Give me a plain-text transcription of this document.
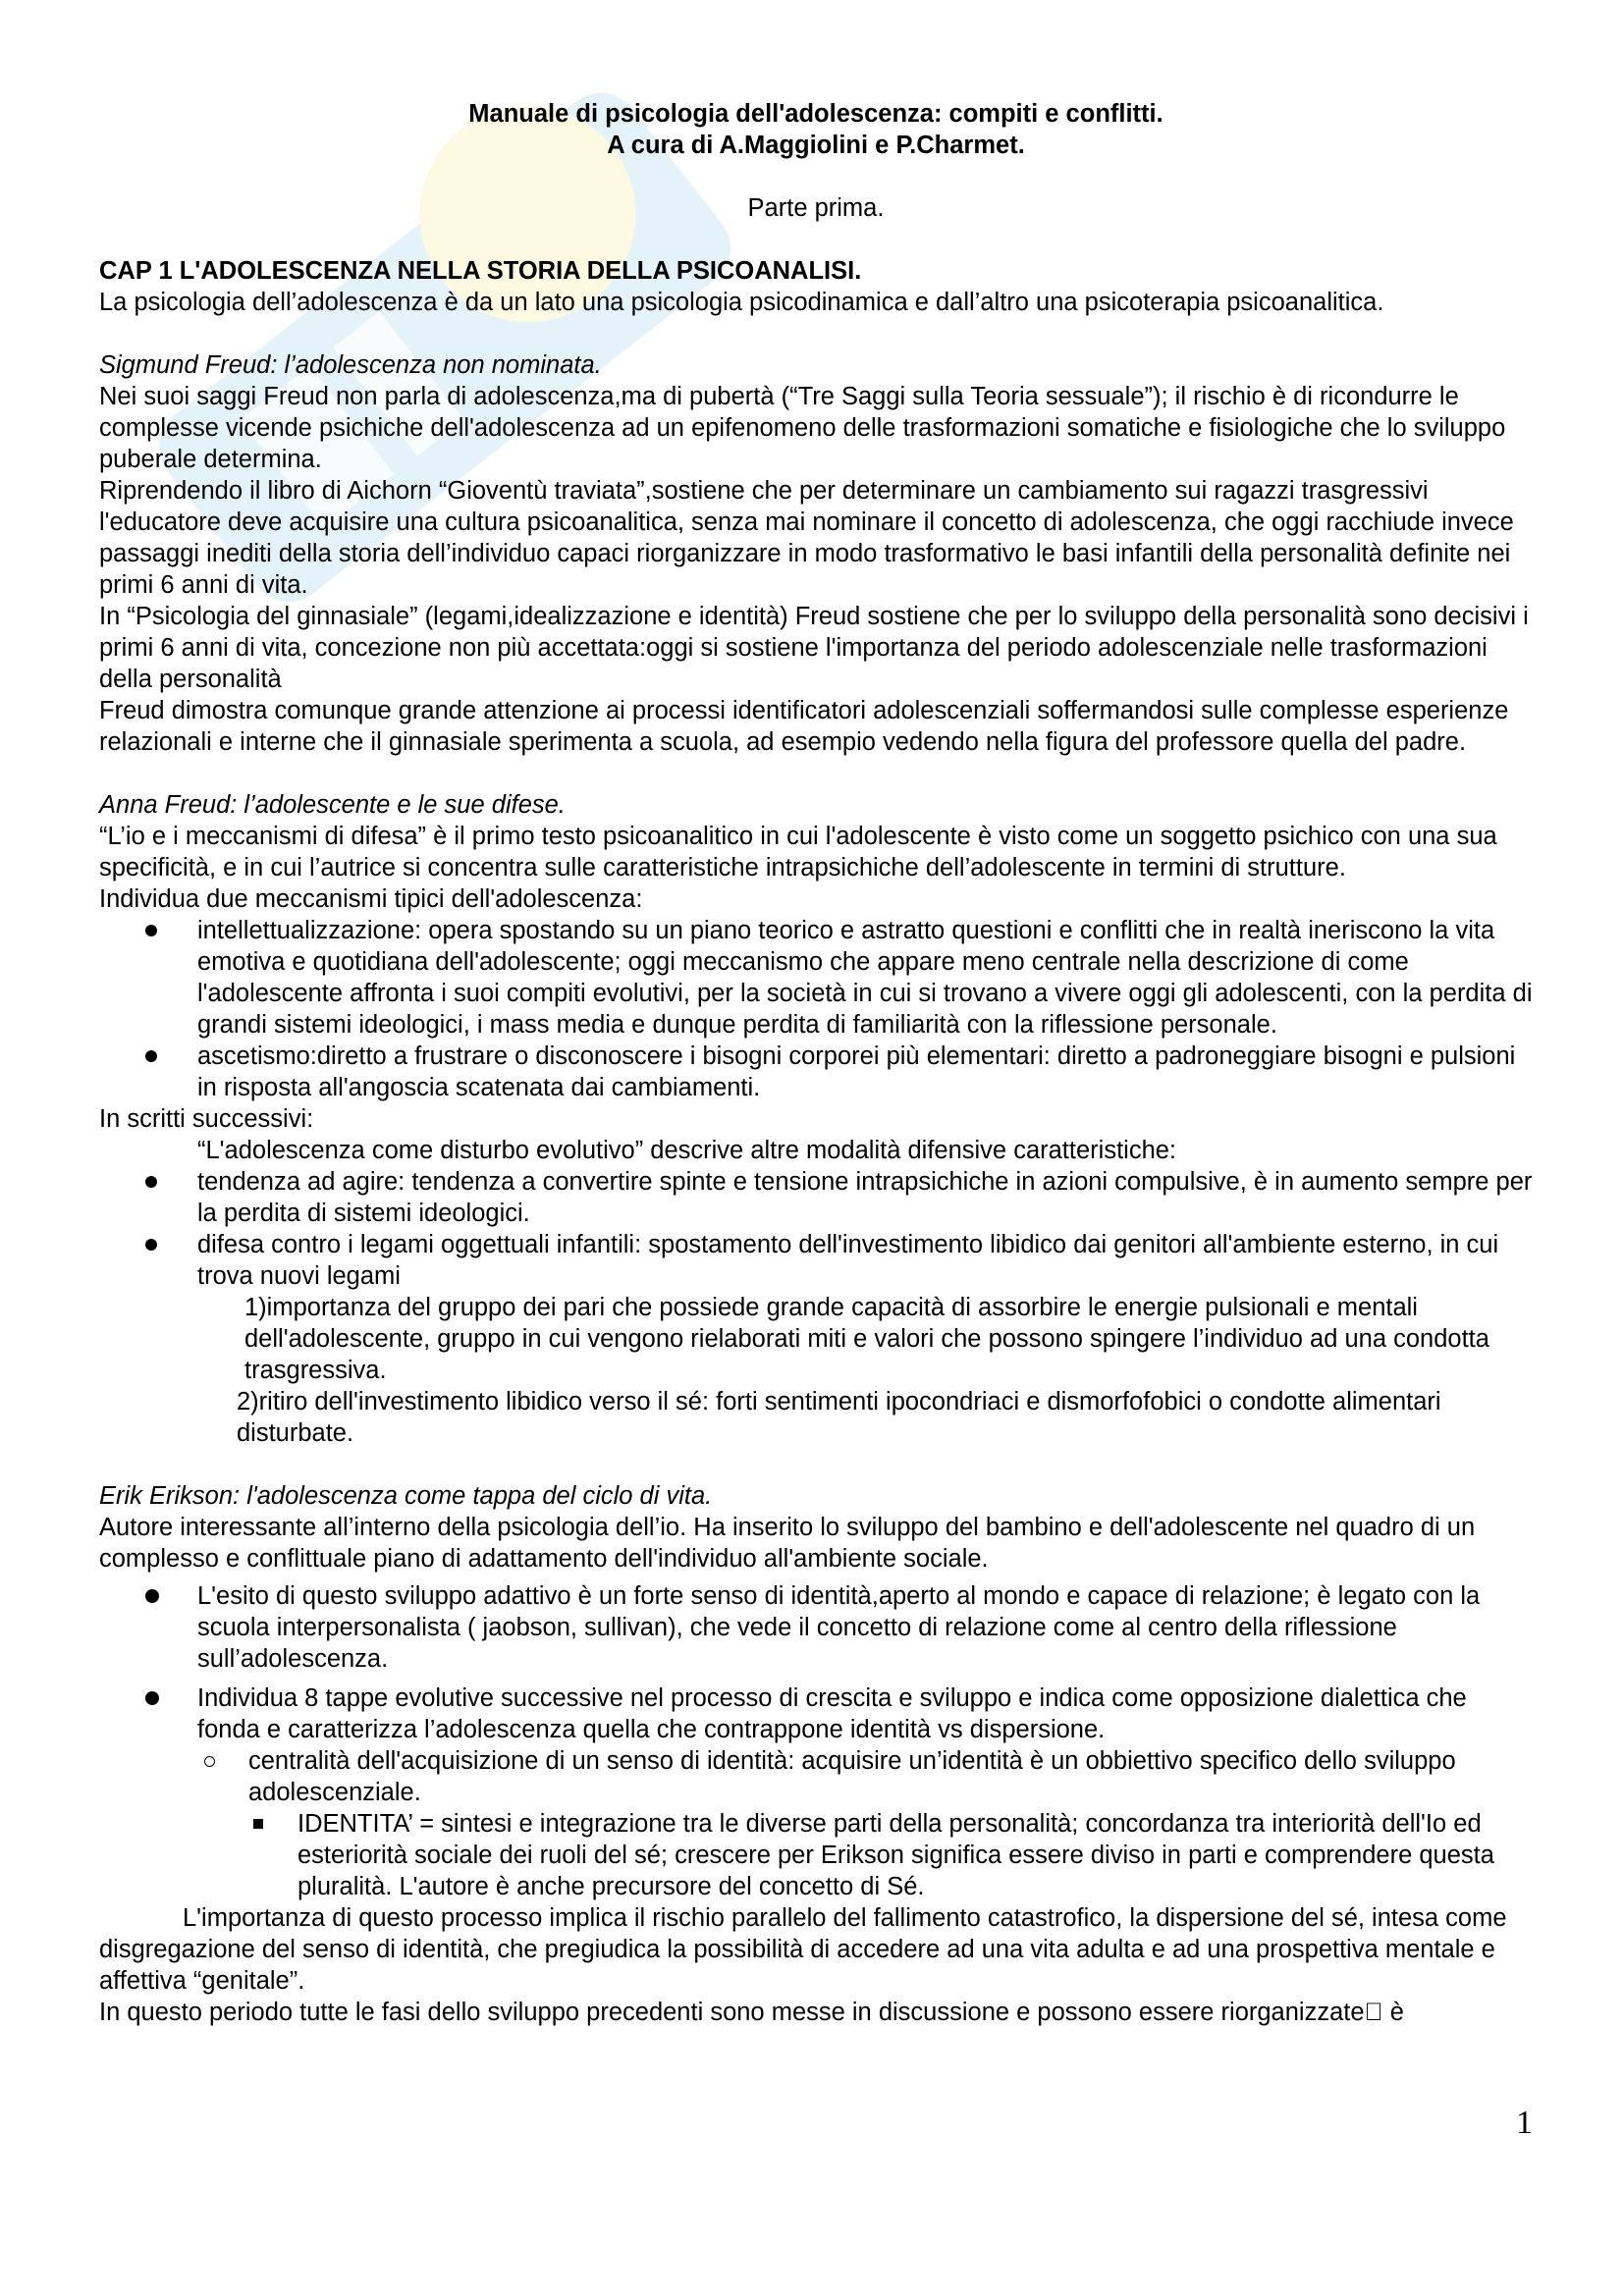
Manuale di psicologia dell'adolescenza: compiti e conflitti.

A cura di A.Maggiolini e P.Charmet.

Parte prima.

CAP 1 L'ADOLESCENZA NELLA STORIA DELLA PSICOANALISI.

La psicologia dell’adolescenza è da un lato una psicologia psicodinamica e dall’altro una psicoterapia psicoanalitica.

Sigmund Freud: l’adolescenza non nominata.

Nei suoi saggi Freud non parla di adolescenza,ma di pubertà (“Tre Saggi sulla Teoria sessuale”); il rischio è di ricondurre le complesse vicende psichiche dell'adolescenza ad un epifenomeno delle trasformazioni somatiche e fisiologiche che lo sviluppo puberale determina.

Riprendendo il libro di Aichorn “Gioventù traviata”,sostiene che per determinare un cambiamento sui ragazzi trasgressivi l'educatore deve acquisire una cultura psicoanalitica, senza mai nominare il concetto di adolescenza, che oggi racchiude invece passaggi inediti della storia dell’individuo capaci riorganizzare in modo trasformativo le basi infantili della personalità definite nei primi 6 anni di vita.

In “Psicologia del ginnasiale” (legami,idealizzazione e identità) Freud sostiene che per lo sviluppo della personalità sono decisivi i primi 6 anni di vita, concezione non più accettata:oggi si sostiene l'importanza del periodo adolescenziale nelle trasformazioni della personalità

Freud dimostra comunque grande attenzione ai processi identificatori adolescenziali soffermandosi sulle complesse esperienze relazionali e interne che il ginnasiale sperimenta a scuola, ad esempio vedendo nella figura del professore quella del padre.

Anna Freud: l’adolescente e le sue difese.

“L’io e i meccanismi di difesa” è il primo testo psicoanalitico in cui l'adolescente è visto come un soggetto psichico con una sua specificità, e in cui l’autrice si concentra sulle caratteristiche intrapsichiche dell’adolescente in termini di strutture.

Individua due meccanismi tipici dell'adolescenza:

intellettualizzazione: opera spostando su un piano teorico e astratto questioni e conflitti che in realtà ineriscono la vita emotiva e quotidiana dell'adolescente; oggi meccanismo che appare meno centrale nella descrizione di come l'adolescente affronta i suoi compiti evolutivi, per la società in cui si trovano a vivere oggi gli adolescenti, con la perdita di grandi sistemi ideologici, i mass media e dunque perdita di familiarità con la riflessione personale.
ascetismo:diretto a frustrare o disconoscere i bisogni corporei più elementari: diretto a padroneggiare bisogni e pulsioni in risposta all'angoscia scatenata dai cambiamenti.

In scritti successivi:

“L'adolescenza come disturbo evolutivo” descrive altre modalità difensive caratteristiche:

tendenza ad agire: tendenza a convertire spinte e tensione intrapsichiche in azioni compulsive, è in aumento sempre per la perdita di sistemi ideologici.
difesa contro i legami oggettuali infantili: spostamento dell'investimento libidico dai genitori all'ambiente esterno, in cui trova nuovi legami

1)importanza del gruppo dei pari che possiede grande capacità di assorbire le energie pulsionali e mentali dell'adolescente, gruppo in cui vengono rielaborati miti e valori che possono spingere l’individuo ad una condotta trasgressiva.

2)ritiro dell'investimento libidico verso il sé: forti sentimenti ipocondriaci e dismorfofobici o condotte alimentari disturbate.

Erik Erikson: l'adolescenza come tappa del ciclo di vita.

Autore interessante all’interno della psicologia dell’io. Ha inserito lo sviluppo del bambino e dell'adolescente nel quadro di un complesso e conflittuale piano di adattamento dell'individuo all'ambiente sociale.

L'esito di questo sviluppo adattivo è un forte senso di identità,aperto al mondo e capace di relazione; è legato con la scuola interpersonalista ( jaobson, sullivan), che vede il concetto di relazione come al centro della riflessione sull’adolescenza.
Individua 8 tappe evolutive successive nel processo di crescita e sviluppo e indica come opposizione dialettica che fonda e caratterizza l’adolescenza quella che contrappone identità vs dispersione.
centralità dell'acquisizione di un senso di identità: acquisire un’identità è un obbiettivo specifico dello sviluppo adolescenziale.
IDENTITA’ = sintesi e integrazione tra le diverse parti della personalità; concordanza tra interiorità dell'Io ed esteriorità sociale dei ruoli del sé; crescere per Erikson significa essere diviso in parti e comprendere questa pluralità. L'autore è anche precursore del concetto di Sé.

L'importanza di questo processo implica il rischio parallelo del fallimento catastrofico, la dispersione del sé, intesa come disgregazione del senso di identità, che pregiudica la possibilità di accedere ad una vita adulta e ad una prospettiva mentale e affettiva “genitale”.

In questo periodo tutte le fasi dello sviluppo precedenti sono messe in discussione e possono essere riorganizzate􀀀 è

1
